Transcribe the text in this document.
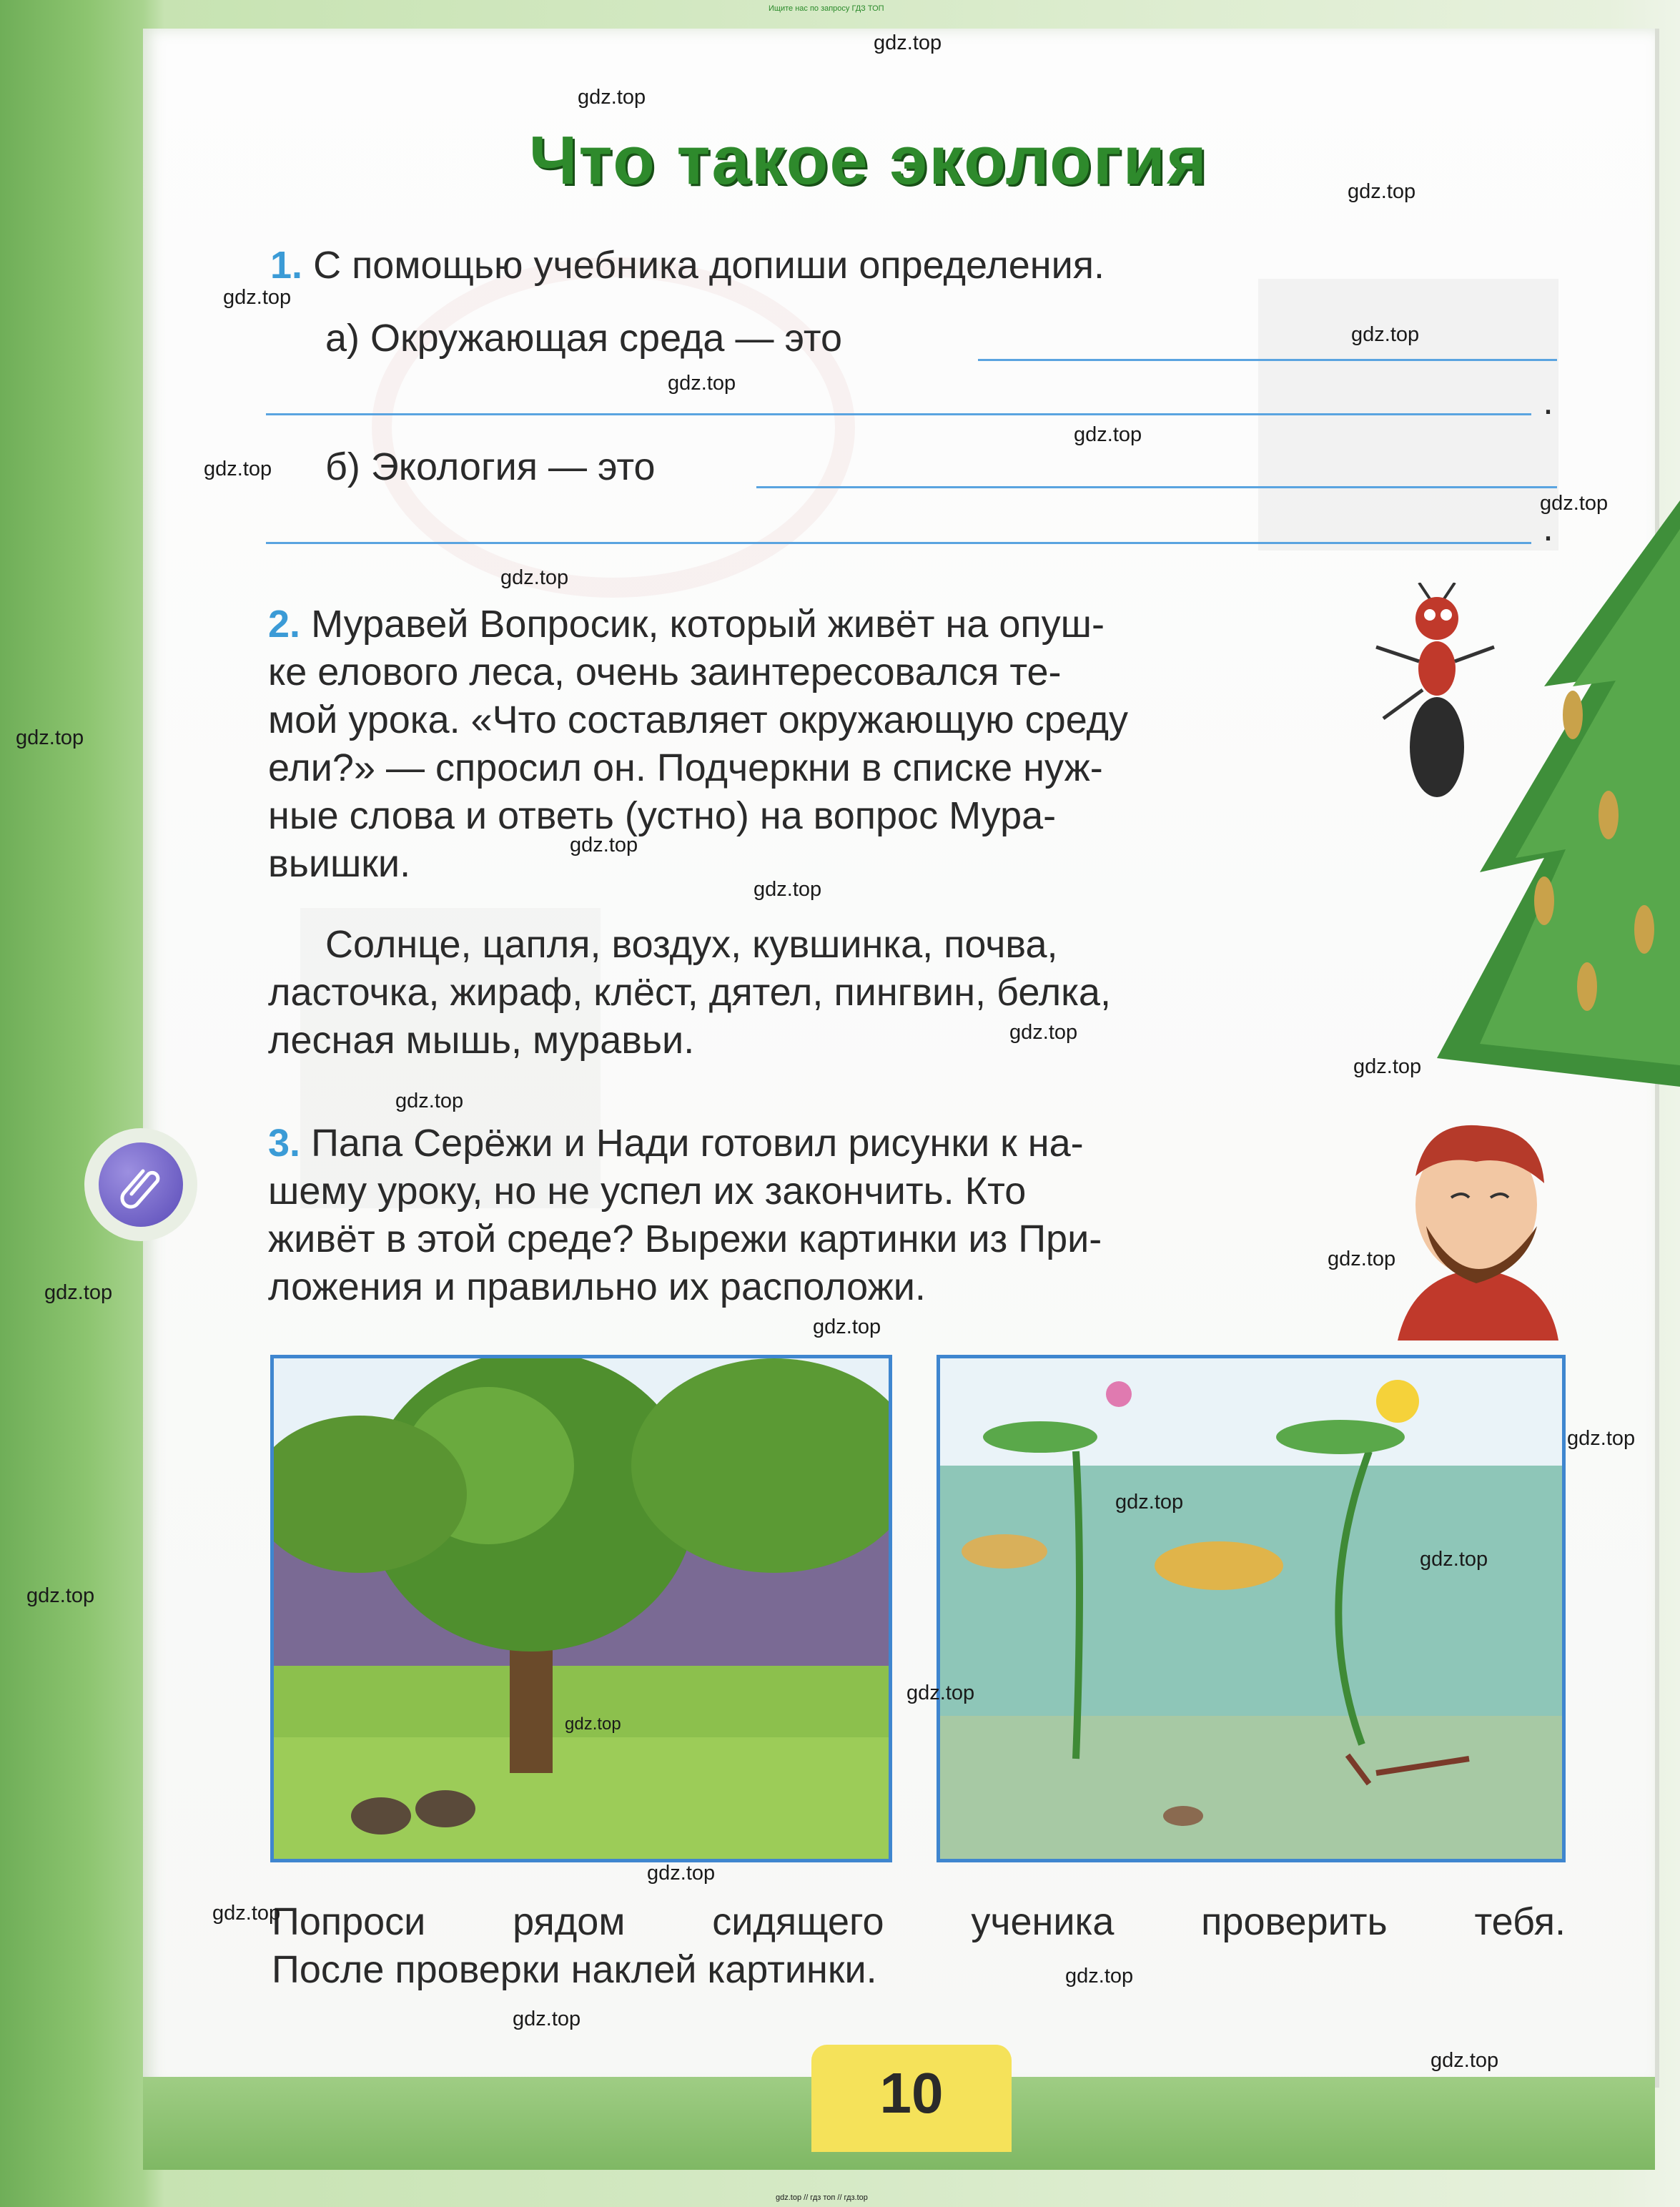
Ищите нас по запросу ГДЗ ТОП
Что такое экология
1. С помощью учебника допиши определения.
а) Окружающая среда — это
.
б) Экология — это
.
2. Муравей Вопросик, который живёт на опуш-
ке елового леса, очень заинтересовался те-
мой урока. «Что составляет окружающую среду
ели?» — спросил он. Подчеркни в списке нуж-
ные слова и ответь (устно) на вопрос Мура-
вьишки.
Солнце, цапля, воздух, кувшинка, почва,
ласточка, жираф, клёст, дятел, пингвин, белка,
лесная мышь, муравьи.
3. Папа Серёжи и Нади готовил рисунки к на-
шему уроку, но не успел их закончить. Кто
живёт в этой среде? Вырежи картинки из При-
ложения и правильно их расположи.
Попроси рядом сидящего ученика проверить тебя.
После проверки наклей картинки.
10
gdz.top // гдз топ // гдз.top
gdz.top
gdz.top
gdz.top
gdz.top
gdz.top
gdz.top
gdz.top
gdz.top
gdz.top
gdz.top
gdz.top
gdz.top
gdz.top
gdz.top
gdz.top
gdz.top
gdz.top
gdz.top
gdz.top
gdz.top
gdz.top
gdz.top
gdz.top
gdz.top
gdz.top
gdz.top
gdz.top
gdz.top
gdz.top
gdz.top
